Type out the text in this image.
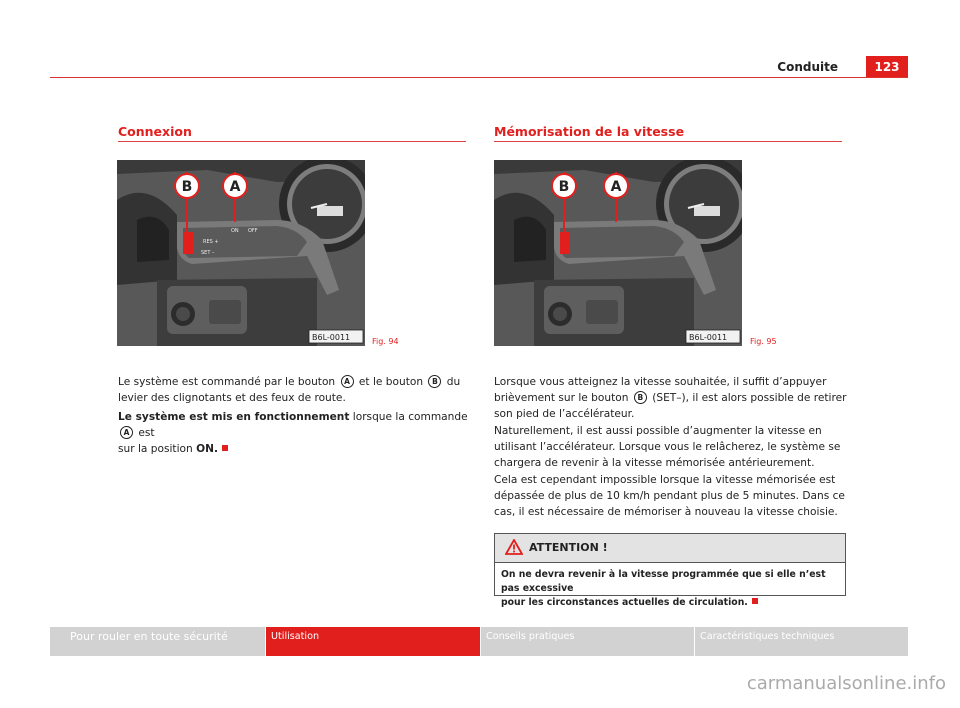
Conduite	123
Connexion
B	A
RES +
SET –
ON OFF
B6L-0011	Fig. 94
Le système est commandé par le bouton A et le bouton B du
levier des clignotants et des feux de route.
Le système est mis en fonctionnement lorsque la commande A est
sur la position ON.
Mémorisation de la vitesse
B	A
B6L-0011	Fig. 95
Lorsque vous atteignez la vitesse souhaitée, il suffit d’appuyer
brièvement sur le bouton B (SET–), il est alors possible de retirer
son pied de l’accélérateur.
Naturellement, il est aussi possible d’augmenter la vitesse en
utilisant l’accélérateur. Lorsque vous le relâcherez, le système se
chargera de revenir à la vitesse mémorisée antérieurement.
Cela est cependant impossible lorsque la vitesse mémorisée est
dépassée de plus de 10 km/h pendant plus de 5 minutes. Dans ce
cas, il est nécessaire de mémoriser à nouveau la vitesse choisie.
ATTENTION !
On ne devra revenir à la vitesse programmée que si elle n’est pas excessive
pour les circonstances actuelles de circulation.
Pour rouler en toute sécurité	Utilisation	Conseils pratiques	Caractéristiques techniques
carmanualsonline.info
